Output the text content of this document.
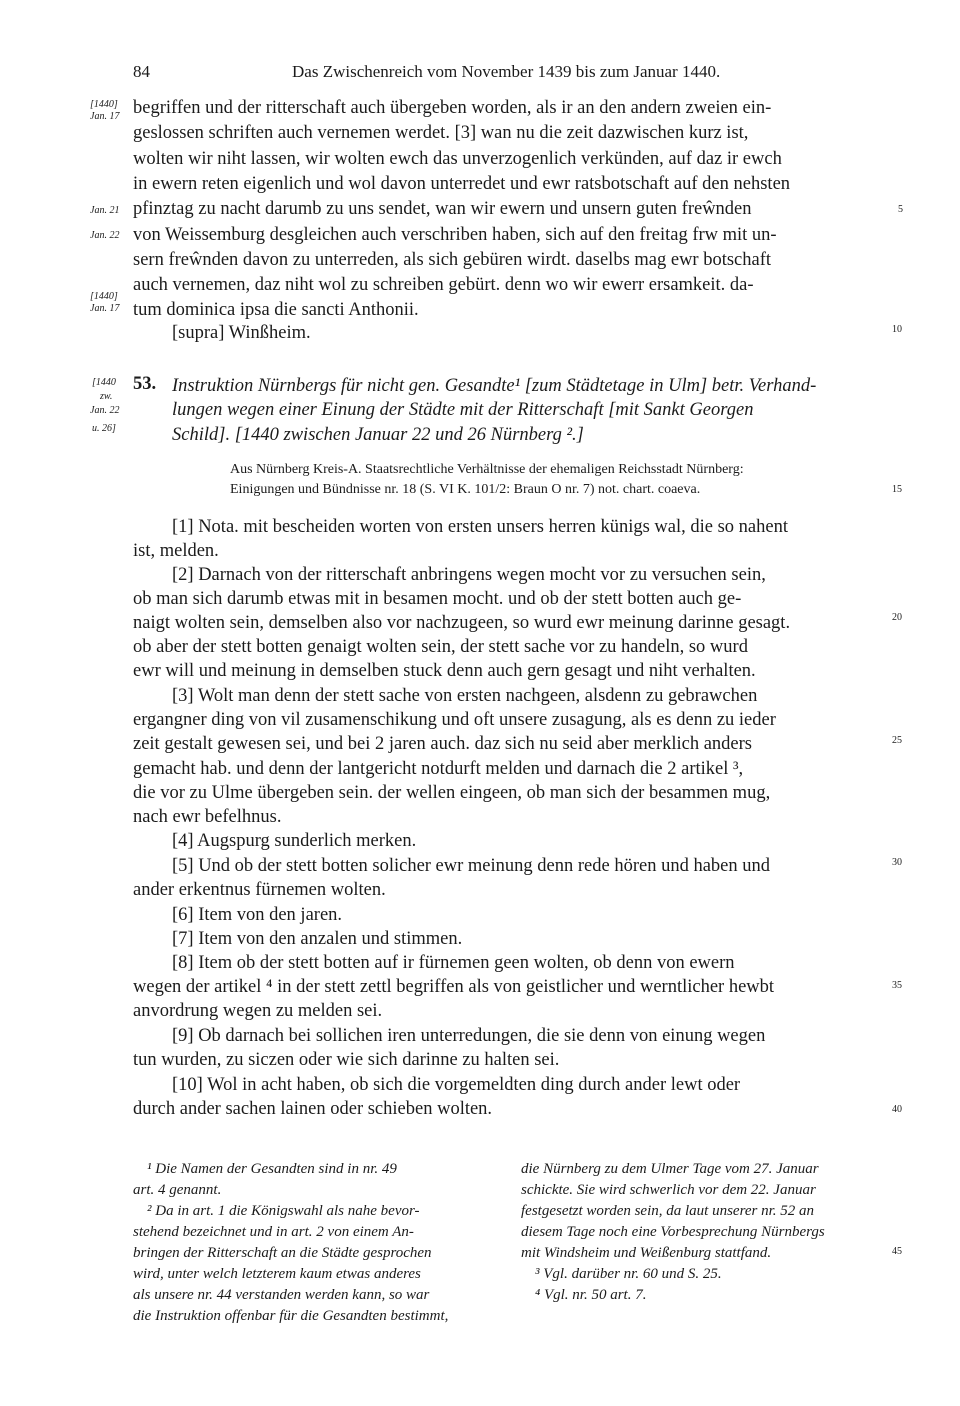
84	Das Zwischenreich vom November 1439 bis zum Januar 1440.
[1440]
Jan. 17
Jan. 21
Jan. 22
[1440]
Jan. 17
[1440
zw.
Jan. 22
u. 26]
5
10
15
20
25
30
35
40
45

begriffen und der ritterschaft auch übergeben worden, als ir an den andern zweien ein-

geslossen schriften auch vernemen werdet. [3] wan nu die zeit dazwischen kurz ist,

wolten wir niht lassen, wir wolten ewch das unverzogenlich verkünden, auf daz ir ewch

in ewern reten eigenlich und wol davon unterredet und ewr ratsbotschaft auf den nehsten

pfinztag zu nacht darumb zu uns sendet, wan wir ewern und unsern guten freŵnden

von Weissemburg desgleichen auch verschriben haben, sich auf den freitag frw mit un-

sern freŵnden davon zu unterreden, als sich gebüren wirdt. daselbs mag ewr botschaft

auch vernemen, daz niht wol zu schreiben gebürt. denn wo wir ewerr ersamkeit. da-

tum dominica ipsa die sancti Anthonii.

[supra] Winßheim.

53. Instruktion Nürnbergs für nicht gen. Gesandte¹ [zum Städtetage in Ulm] betr. Verhand-

lungen wegen einer Einung der Städte mit der Ritterschaft [mit Sankt Georgen

Schild]. [1440 zwischen Januar 22 und 26 Nürnberg ².]

Aus Nürnberg Kreis-A. Staatsrechtliche Verhältnisse der ehemaligen Reichsstadt Nürnberg:

Einigungen und Bündnisse nr. 18 (S. VI K. 101/2: Braun O nr. 7) not. chart. coaeva.

[1] Nota. mit bescheiden worten von ersten unsers herren künigs wal, die so nahent

ist, melden.

[2] Darnach von der ritterschaft anbringens wegen mocht vor zu versuchen sein,

ob man sich darumb etwas mit in besamen mocht. und ob der stett botten auch ge-

naigt wolten sein, demselben also vor nachzugeen, so wurd ewr meinung darinne gesagt.

ob aber der stett botten genaigt wolten sein, der stett sache vor zu handeln, so wurd

ewr will und meinung in demselben stuck denn auch gern gesagt und niht verhalten.

[3] Wolt man denn der stett sache von ersten nachgeen, alsdenn zu gebrawchen

ergangner ding von vil zusamenschikung und oft unsere zusagung, als es denn zu ieder

zeit gestalt gewesen sei, und bei 2 jaren auch. daz sich nu seid aber merklich anders

gemacht hab. und denn der lantgericht notdurft melden und darnach die 2 artikel ³,

die vor zu Ulme übergeben sein. der wellen eingeen, ob man sich der besammen mug,

nach ewr befelhnus.

[4] Augspurg sunderlich merken.

[5] Und ob der stett botten solicher ewr meinung denn rede hören und haben und

ander erkentnus fürnemen wolten.

[6] Item von den jaren.

[7] Item von den anzalen und stimmen.

[8] Item ob der stett botten auf ir fürnemen geen wolten, ob denn von ewern

wegen der artikel ⁴ in der stett zettl begriffen als von geistlicher und werntlicher hewbt

anvordrung wegen zu melden sei.

[9] Ob darnach bei sollichen iren unterredungen, die sie denn von einung wegen

tun wurden, zu siczen oder wie sich darinne zu halten sei.

[10] Wol in acht haben, ob sich die vorgemeldten ding durch ander lewt oder

durch ander sachen lainen oder schieben wolten.

¹ Die Namen der Gesandten sind in nr. 49

art. 4 genannt.

² Da in art. 1 die Königswahl als nahe bevor-

stehend bezeichnet und in art. 2 von einem An-

bringen der Ritterschaft an die Städte gesprochen

wird, unter welch letzterem kaum etwas anderes

als unsere nr. 44 verstanden werden kann, so war

die Instruktion offenbar für die Gesandten bestimmt,

die Nürnberg zu dem Ulmer Tage vom 27. Januar

schickte. Sie wird schwerlich vor dem 22. Januar

festgesetzt worden sein, da laut unserer nr. 52 an

diesem Tage noch eine Vorbesprechung Nürnbergs

mit Windsheim und Weißenburg stattfand.

³ Vgl. darüber nr. 60 und S. 25.

⁴ Vgl. nr. 50 art. 7.
